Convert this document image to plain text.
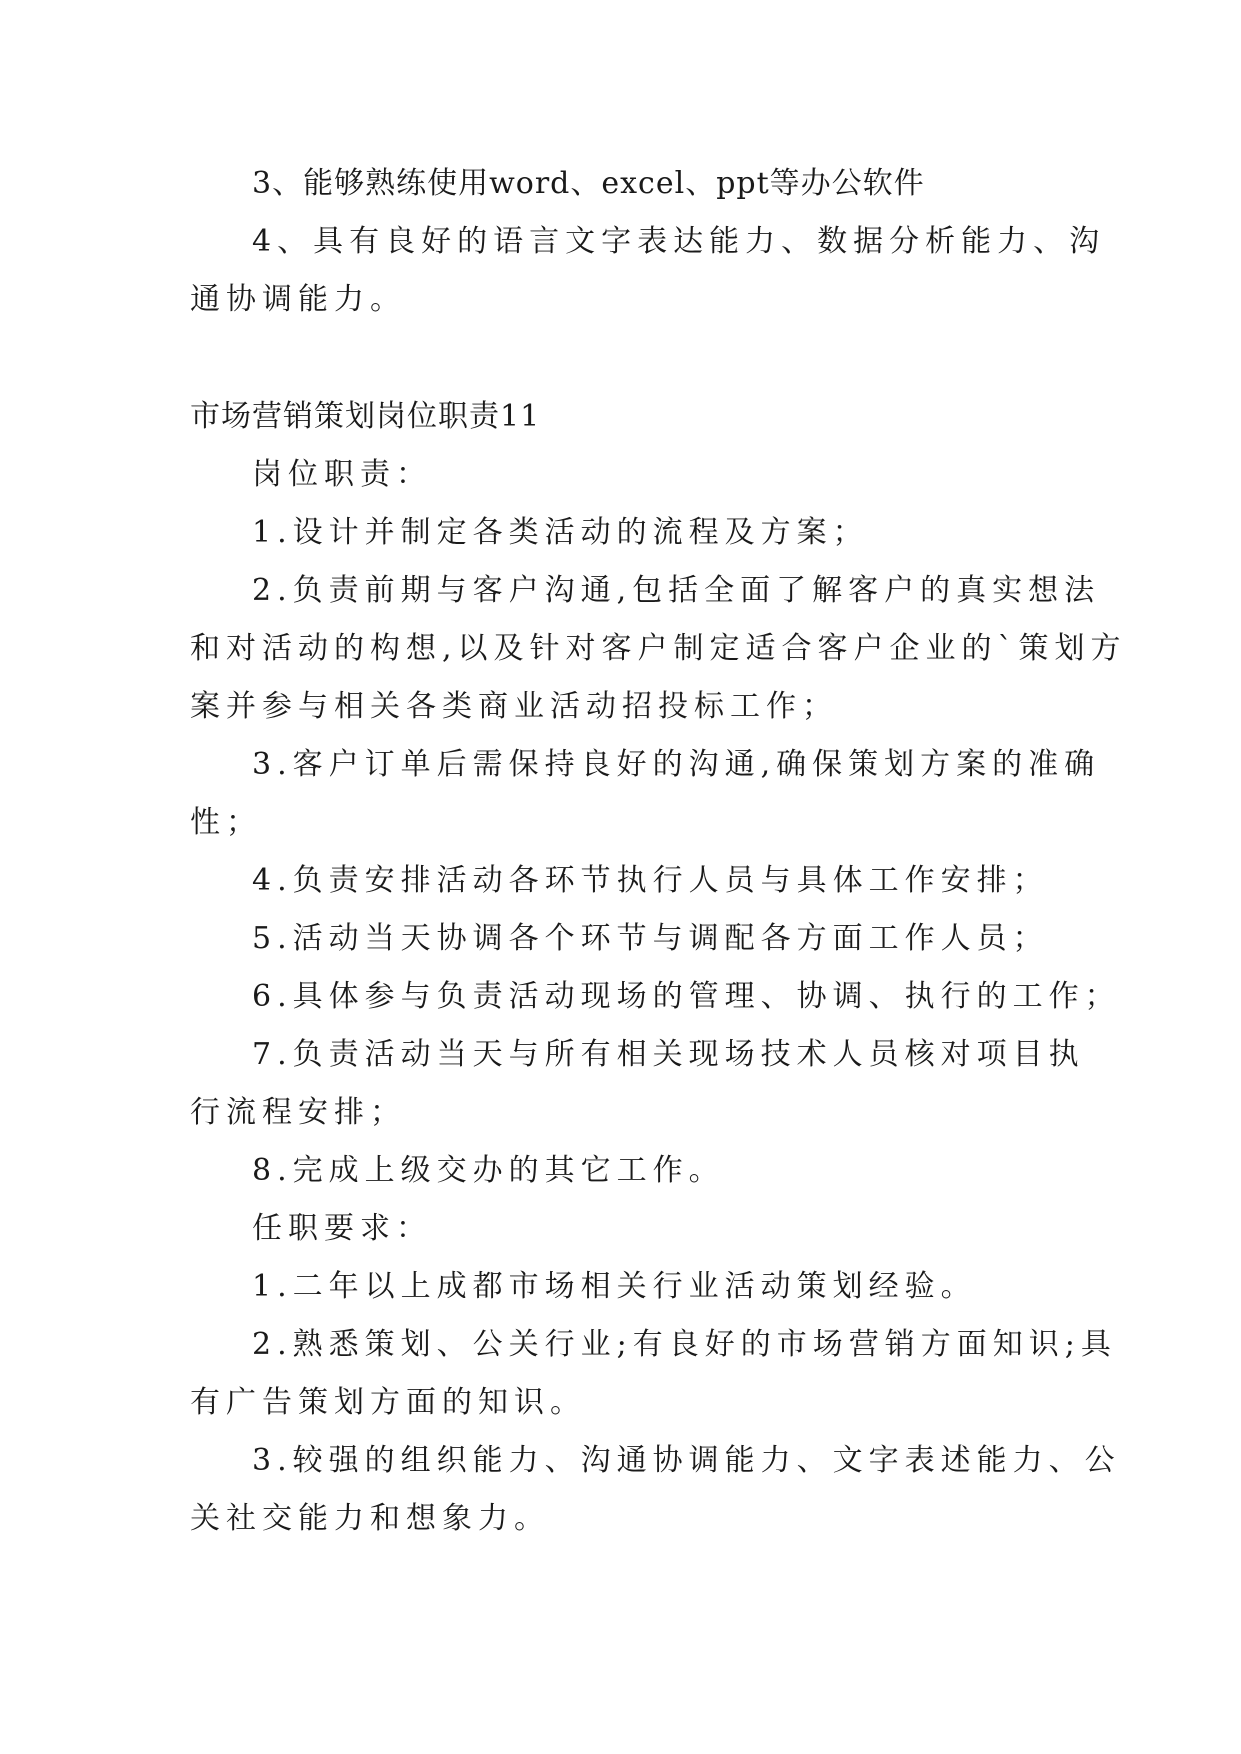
3、能够熟练使用word、excel、ppt等办公软件
4、具有良好的语言文字表达能力、数据分析能力、沟
通协调能力。
市场营销策划岗位职责11
岗位职责：
1.设计并制定各类活动的流程及方案；
2.负责前期与客户沟通,包括全面了解客户的真实想法
和对活动的构想,以及针对客户制定适合客户企业的`策划方
案并参与相关各类商业活动招投标工作；
3.客户订单后需保持良好的沟通,确保策划方案的准确
性；
4.负责安排活动各环节执行人员与具体工作安排；
5.活动当天协调各个环节与调配各方面工作人员；
6.具体参与负责活动现场的管理、协调、执行的工作；
7.负责活动当天与所有相关现场技术人员核对项目执
行流程安排；
8.完成上级交办的其它工作。
任职要求：
1.二年以上成都市场相关行业活动策划经验。
2.熟悉策划、公关行业;有良好的市场营销方面知识;具
有广告策划方面的知识。
3.较强的组织能力、沟通协调能力、文字表述能力、公
关社交能力和想象力。
